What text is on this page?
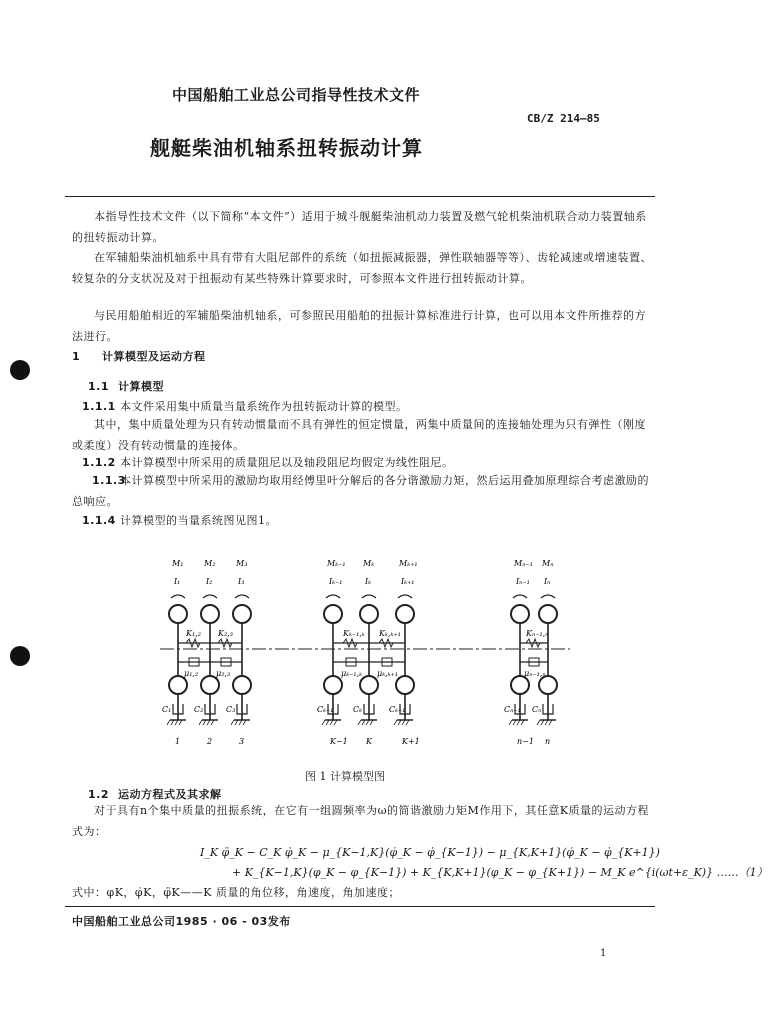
中国船舶工业总公司指导性技术文件
CB/Z 214—85
舰艇柴油机轴系扭转振动计算
本指导性技术文件（以下简称“本文件”）适用于城斗舰艇柴油机动力装置及燃气轮机柴油机联合动力装置轴系的扭转振动计算。
在军辅船柴油机轴系中具有带有大阻尼部件的系统（如扭振减振器，弹性联轴器等等）、齿轮减速或增速装置、较复杂的分支状况及对于扭振动有某些特殊计算要求时，可参照本文件进行扭转振动计算。
与民用船舶相近的军辅船柴油机轴系，可参照民用船舶的扭振计算标准进行计算，也可以用本文件所推荐的方法进行。
1 计算模型及运动方程
1.1 计算模型
1.1.1 本文件采用集中质量当量系统作为扭转振动计算的模型。
其中，集中质量处理为只有转动惯量而不具有弹性的恒定惯量，两集中质量间的连接轴处理为只有弹性（刚度或柔度）没有转动惯量的连接体。
1.1.2 本计算模型中所采用的质量阻尼以及轴段阻尼均假定为线性阻尼。
1.1.3本计算模型中所采用的激励均取用经傅里叶分解后的各分谐激励力矩，然后运用叠加原理综合考虑激励的总响应。
1.1.4 计算模型的当量系统图见图1。
M₁
I₁
C₁
1
M₂
I₂
C₂
2
M₃
I₃
C₃
3
K₁,₂
μ₁,₂
K₂,₃
μ₂,₃
Mₖ₋₁
Iₖ₋₁
Cₖ₋₁
K−1
Mₖ
Iₖ
Cₖ
K
Mₖ₊₁
Iₖ₊₁
Cₖ₊₁
K+1
Kₖ₋₁,ₖ
μₖ₋₁,ₖ
Kₖ,ₖ₊₁
μₖ,ₖ₊₁
Mₙ₋₁
Iₙ₋₁
Cₙ₋₁
n−1
Mₙ
Iₙ
Cₙ
n
Kₙ₋₁,ₙ
μₙ₋₁,ₙ
图 1 计算模型图
1.2 运动方程式及其求解
对于具有n个集中质量的扭振系统，在它有一组圆频率为ω的简谐激励力矩M作用下，其任意K质量的运动方程式为：
I_K φ̈_K − C_K φ̇_K − μ_{K−1,K}(φ̇_K − φ̇_{K−1}) − μ_{K,K+1}(φ̇_K − φ̇_{K+1})
+ K_{K−1,K}(φ_K − φ_{K−1}) + K_{K,K+1}(φ_K − φ_{K+1}) − M_K e^{i(ωt+ε_K)} ……（1）
式中：φK，φ̇K，φ̈K——K 质量的角位移，角速度，角加速度；
中国船舶工业总公司1985 · 06 - 03发布
1
